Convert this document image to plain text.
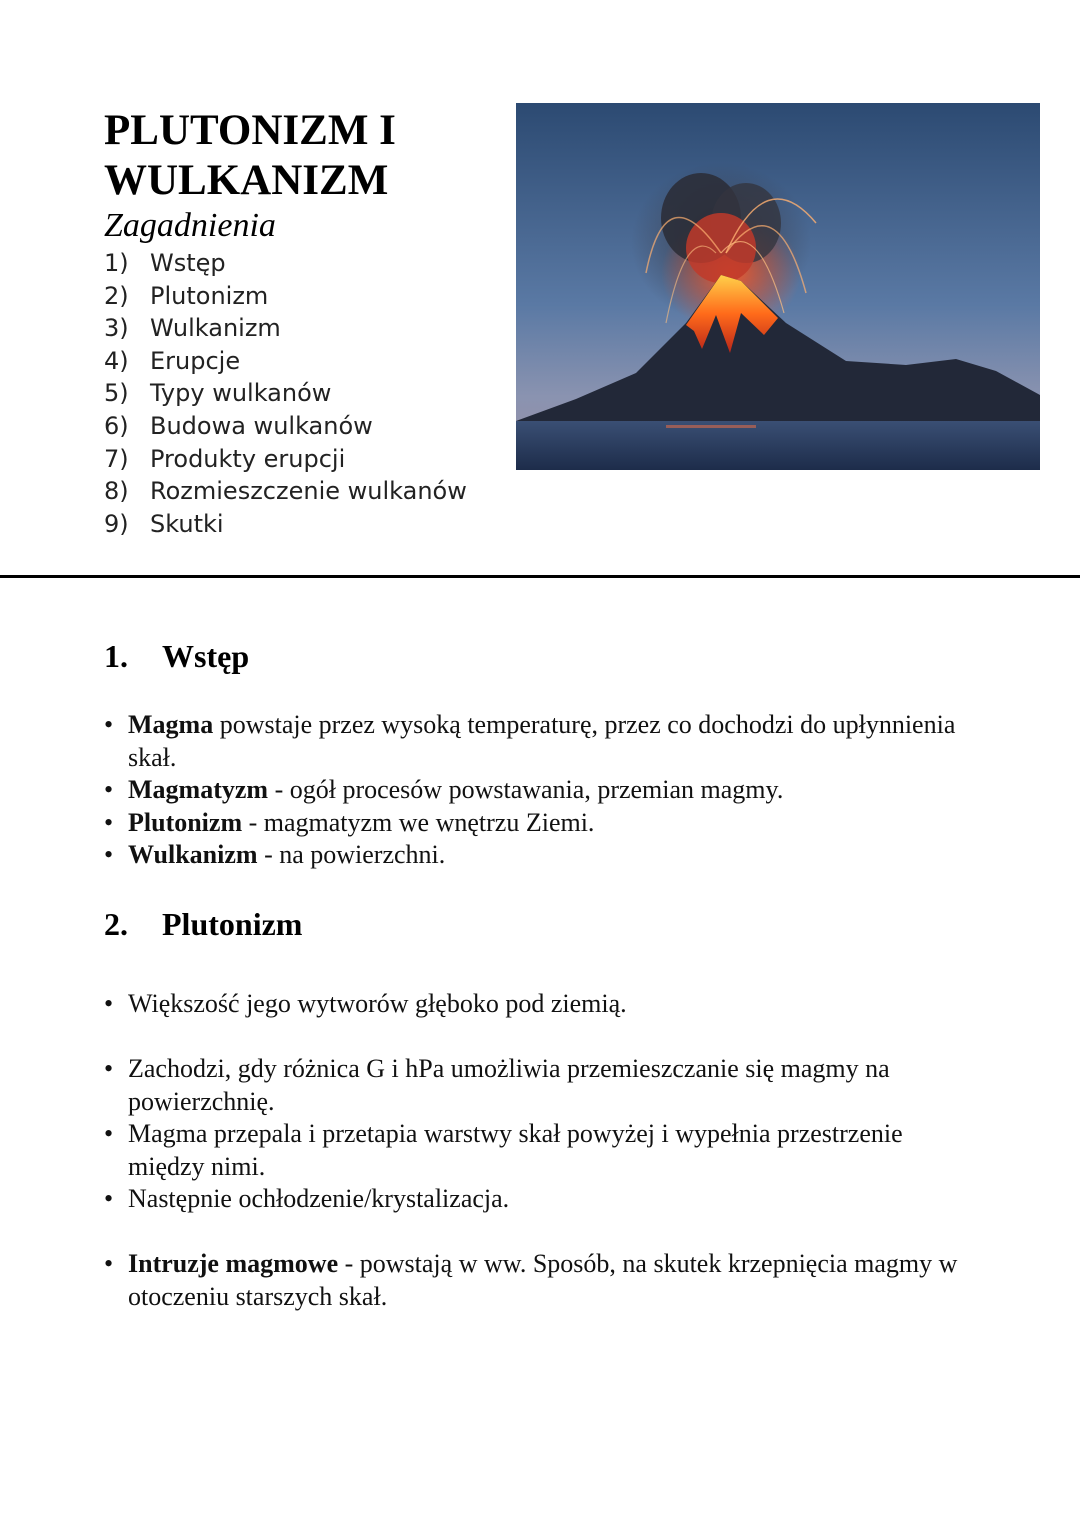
PLUTONIZM I WULKANIZM
Zagadnienia
1) Wstęp
2) Plutonizm
3) Wulkanizm
4) Erupcje
5) Typy wulkanów
6) Budowa wulkanów
7) Produkty erupcji
8) Rozmieszczenie wulkanów
9) Skutki
1. Wstęp
• Magma powstaje przez wysoką temperaturę, przez co dochodzi do upłynnienia skał.
• Magmatyzm - ogół procesów powstawania, przemian magmy.
• Plutonizm - magmatyzm we wnętrzu Ziemi.
• Wulkanizm - na powierzchni.
2. Plutonizm
• Większość jego wytworów głęboko pod ziemią.
• Zachodzi, gdy różnica G i hPa umożliwia przemieszczanie się magmy na powierzchnię.
• Magma przepala i przetapia warstwy skał powyżej i wypełnia przestrzenie między nimi.
• Następnie ochłodzenie/krystalizacja.
• Intruzje magmowe - powstają w ww. Sposób, na skutek krzepnięcia magmy w otoczeniu starszych skał.
